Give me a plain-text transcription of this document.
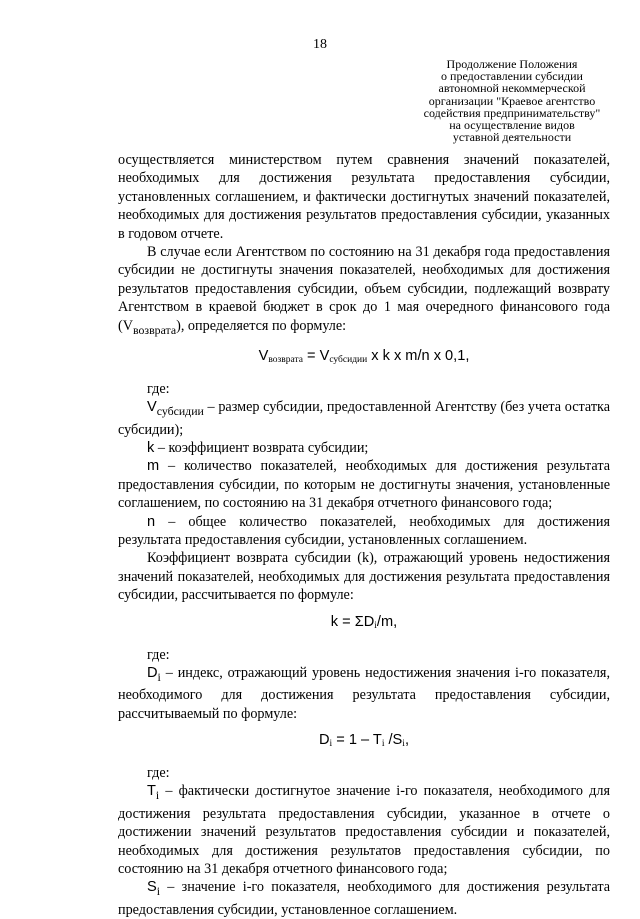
18
Продолжение Положения
о предоставлении субсидии
автономной некоммерческой
организации "Краевое агентство
содействия предпринимательству"
на осуществление видов
уставной деятельности

осуществляется министерством путем сравнения значений показателей, необходимых для достижения результата предоставления субсидии, установленных соглашением, и фактически достигнутых значений показателей, необходимых для достижения результатов предоставления субсидии, указанных в годовом отчете.

В случае если Агентством по состоянию на 31 декабря года предоставления субсидии не достигнуты значения показателей, необходимых для достижения результатов предоставления субсидии, объем субсидии, подлежащий возврату Агентством в краевой бюджет в срок до 1 мая очередного финансового года $(V_{возврата})$, определяется по формуле:

$V_{возврата} = V_{субсидии}$ x k x m/n x 0,1,

где:

$V_{субсидии}$ – размер субсидии, предоставленной Агентству (без учета остатка субсидии);

k – коэффициент возврата субсидии;

m – количество показателей, необходимых для достижения результата предоставления субсидии, по которым не достигнуты значения, установленные соглашением, по состоянию на 31 декабря отчетного финансового года;

n – общее количество показателей, необходимых для достижения результата предоставления субсидии, установленных соглашением.

Коэффициент возврата субсидии (k), отражающий уровень недостижения значений показателей, необходимых для достижения результата предоставления субсидии, рассчитывается по формуле:

$k = \Sigma D_i/m$,

где:

$D_i$ – индекс, отражающий уровень недостижения значения i-го показателя, необходимого для достижения результата предоставления субсидии, рассчитываемый по формуле:

$D_i = 1 - T_i$ $/S_i$,

где:

$T_i$ – фактически достигнутое значение i-го показателя, необходимого для достижения результата предоставления субсидии, указанное в отчете о достижении значений результатов предоставления субсидии и показателей, необходимых для достижения результатов предоставления субсидии, по состоянию на 31 декабря отчетного финансового года;

$S_i$ – значение i-го показателя, необходимого для достижения результата предоставления субсидии, установленное соглашением.
